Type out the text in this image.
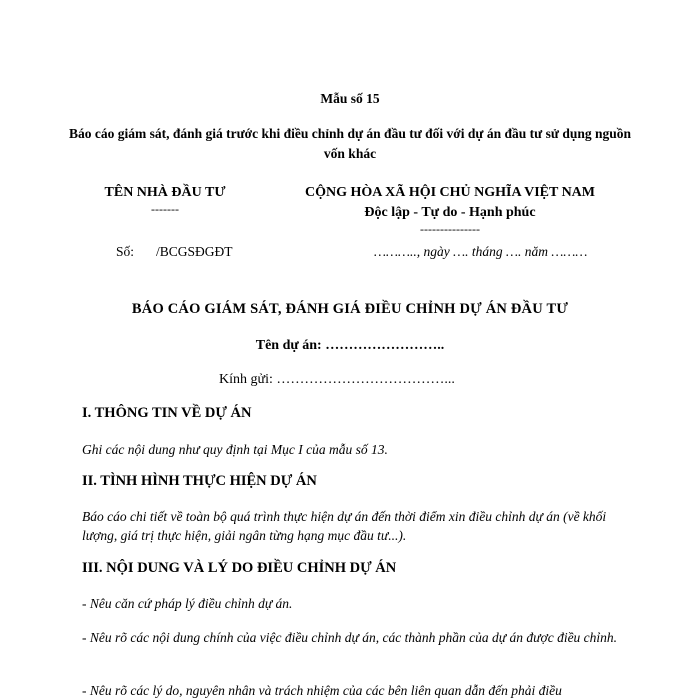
Mẫu số 15
Báo cáo giám sát, đánh giá trước khi điều chỉnh dự án đầu tư đối với dự án đầu tư sử dụng nguồn vốn khác
TÊN NHÀ ĐẦU TƯ
-------
CỘNG HÒA XÃ HỘI CHỦ NGHĨA VIỆT NAM
Độc lập - Tự do - Hạnh phúc
---------------
Số: /BCGSĐGĐT	……….., ngày …. tháng …. năm ………
BÁO CÁO GIÁM SÁT, ĐÁNH GIÁ ĐIỀU CHỈNH DỰ ÁN ĐẦU TƯ
Tên dự án: ……………………..
Kính gửi: ………………………………...
I. THÔNG TIN VỀ DỰ ÁN
Ghi các nội dung như quy định tại Mục I của mẫu số 13.
II. TÌNH HÌNH THỰC HIỆN DỰ ÁN
Báo cáo chi tiết về toàn bộ quá trình thực hiện dự án đến thời điểm xin điều chỉnh dự án (về khối lượng, giá trị thực hiện, giải ngân từng hạng mục đầu tư...).
III. NỘI DUNG VÀ LÝ DO ĐIỀU CHỈNH DỰ ÁN
- Nêu căn cứ pháp lý điều chỉnh dự án.
- Nêu rõ các nội dung chính của việc điều chỉnh dự án, các thành phần của dự án được điều chỉnh.
- Nêu rõ các lý do, nguyên nhân và trách nhiệm của các bên liên quan dẫn đến phải điều
